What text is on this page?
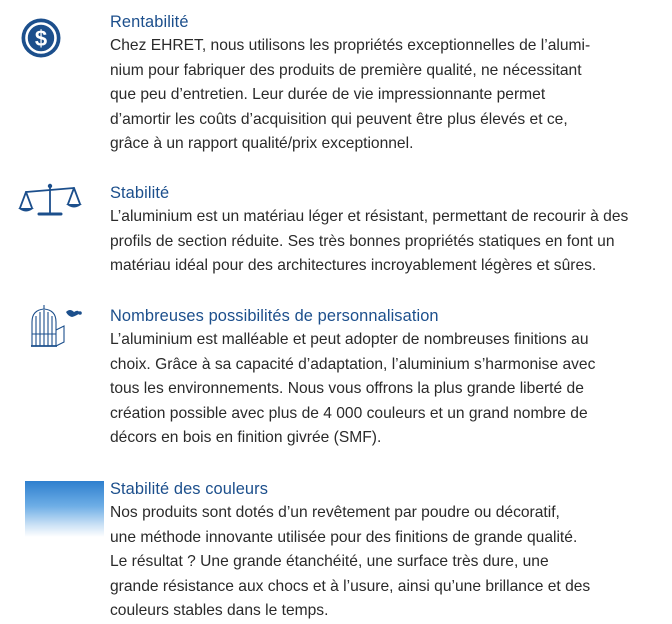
$
Rentabilité
Chez EHRET, nous utilisons les propriétés exceptionnelles de l’alumi-
nium pour fabriquer des produits de première qualité, ne nécessitant
que peu d’entretien. Leur durée de vie impressionnante permet
d’amortir les coûts d’acquisition qui peuvent être plus élevés et ce,
grâce à un rapport qualité/prix exceptionnel.
Stabilité
L’aluminium est un matériau léger et résistant, permettant de recourir à des
profils de section réduite. Ses très bonnes propriétés statiques en font un
matériau idéal pour des architectures incroyablement légères et sûres.
Nombreuses possibilités de personnalisation
L’aluminium est malléable et peut adopter de nombreuses finitions au
choix. Grâce à sa capacité d’adaptation, l’aluminium s’harmonise avec
tous les environnements. Nous vous offrons la plus grande liberté de
création possible avec plus de 4 000 couleurs et un grand nombre de
décors en bois en finition givrée (SMF).
Stabilité des couleurs
Nos produits sont dotés d’un revêtement par poudre ou décoratif,
une méthode innovante utilisée pour des finitions de grande qualité.
Le résultat ? Une grande étanchéité, une surface très dure, une
grande résistance aux chocs et à l’usure, ainsi qu’une brillance et des
couleurs stables dans le temps.
